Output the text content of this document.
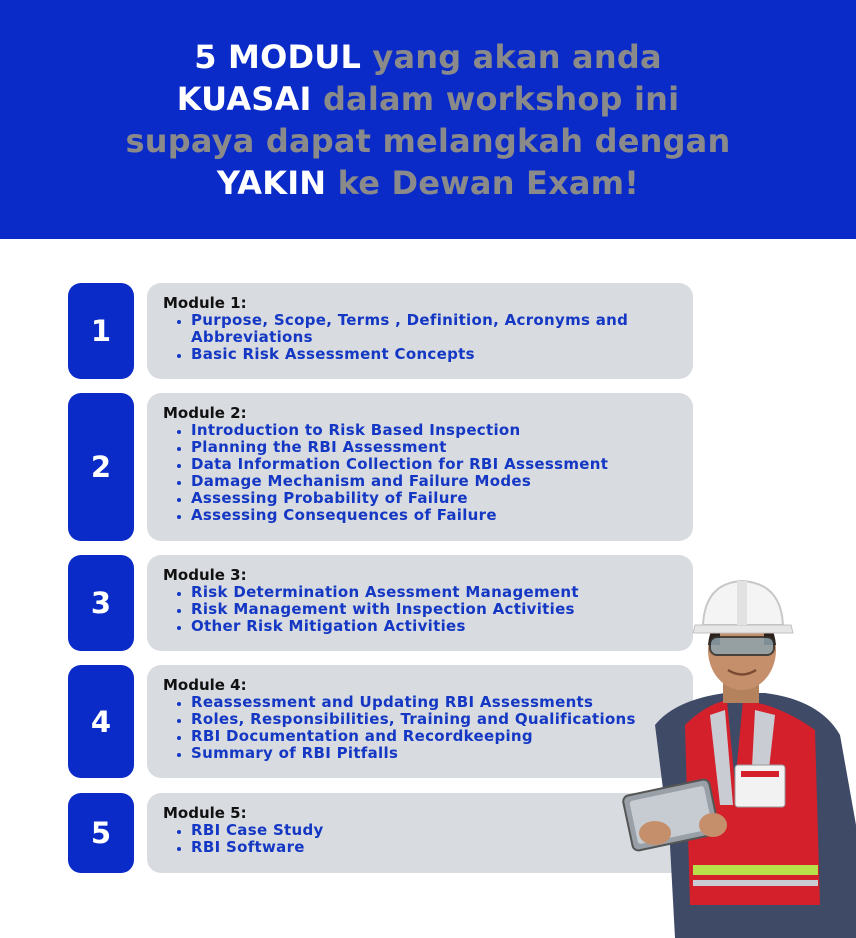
5 MODUL yang akan anda
KUASAI dalam workshop ini
supaya dapat melangkah dengan
YAKIN ke Dewan Exam!
1

Module 1:

• Purpose, Scope, Terms , Definition, Acronyms and Abbreviations
• Basic Risk Assessment Concepts
2

Module 2:

• Introduction to Risk Based Inspection
• Planning the RBI Assessment
• Data Information Collection for RBI Assessment
• Damage Mechanism and Failure Modes
• Assessing Probability of Failure
• Assessing Consequences of Failure
3

Module 3:

• Risk Determination Asessment Management
• Risk Management with Inspection Activities
• Other Risk Mitigation Activities
4

Module 4:

• Reassessment and Updating RBI Assessments
• Roles, Responsibilities, Training and Qualifications
• RBI Documentation and Recordkeeping
• Summary of RBI Pitfalls
5

Module 5:

• RBI Case Study
• RBI Software
